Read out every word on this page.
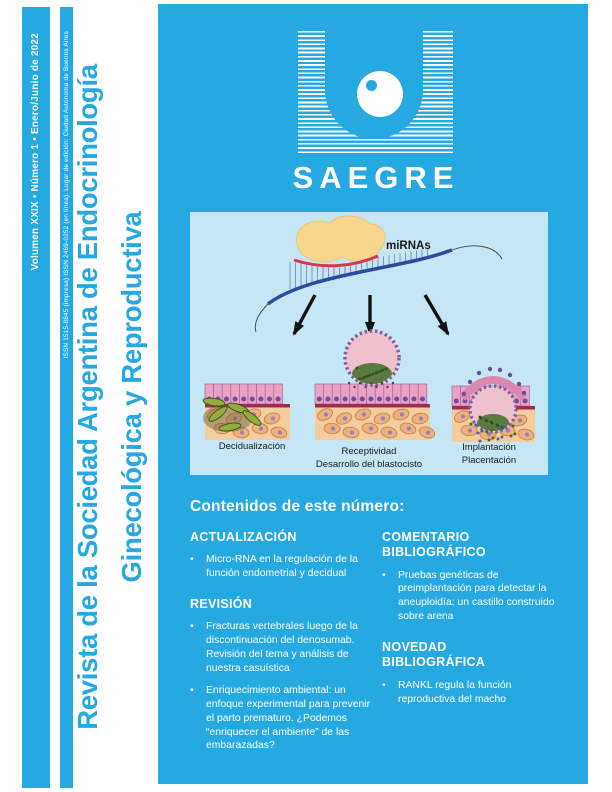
Volumen XXIX • Número 1 • Enero/Junio de 2022	ISSN 1515-8845 (impresa) ISSN 2469-0252 (en línea). Lugar de edición: Ciudad Autónoma de Buenos Aires Revista de la Sociedad Argentina de Endocrinología Ginecológica y Reproductiva
SAEGRE
miRNAs
Decidualización	Receptividad
Desarrollo del blastocisto
Implantación
Placentación
Contenidos de este número:
ACTUALIZACIÓN
•	Micro-RNA en la regulación de la función endometrial y decidual
REVISIÓN
•	Fracturas vertebrales luego de la discontinuación del denosumab. Revisión del tema y análisis de nuestra casuística
•	Enriquecimiento ambiental: un enfoque experimental para prevenir el parto prematuro. ¿Podemos “enriquecer el ambiente” de las embarazadas?
COMENTARIO BIBLIOGRÁFICO
•	Pruebas genéticas de preimplantación para detectar la aneuploidía: un castillo construido sobre arena
NOVEDAD BIBLIOGRÁFICA
•	RANKL regula la función reproductiva del macho
